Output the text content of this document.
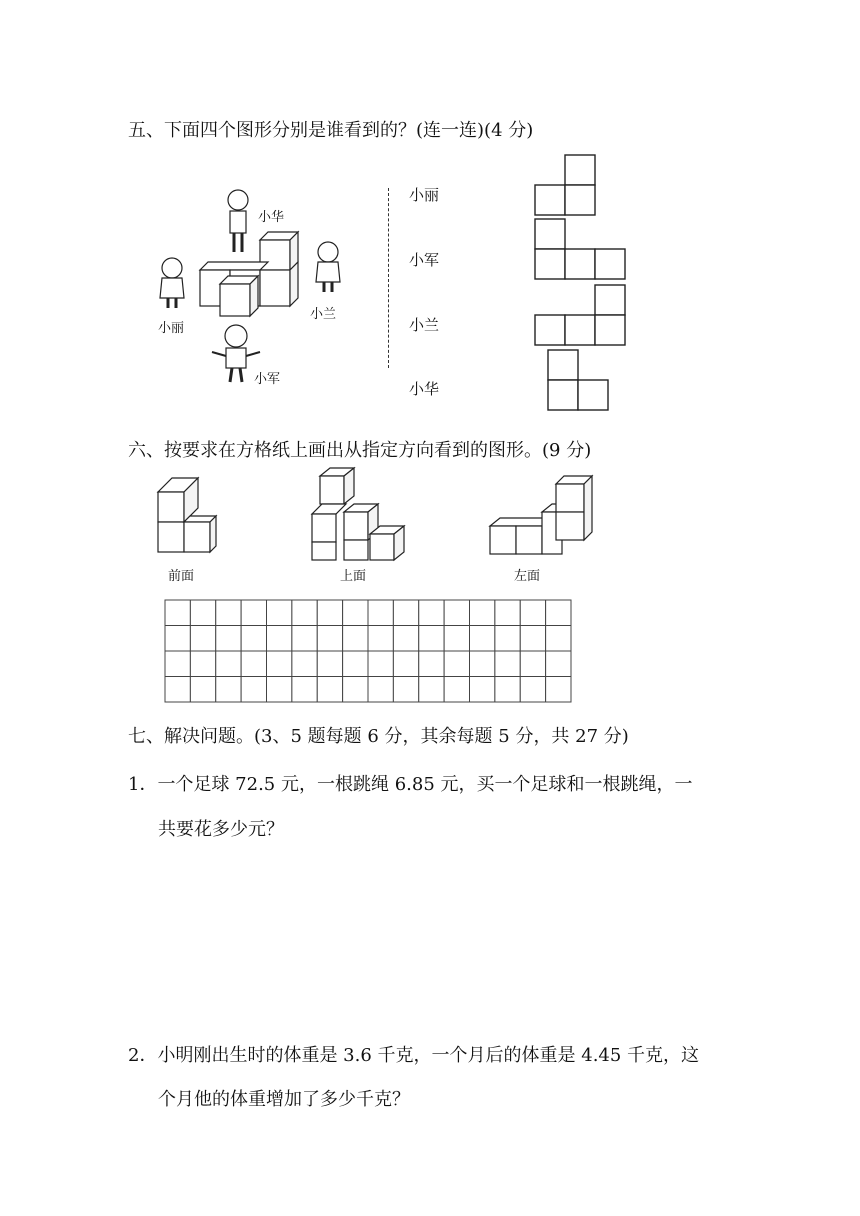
五、下面四个图形分别是谁看到的？(连一连)(4 分)
小华
小兰
小丽
小军
小丽
小军
小兰
小华
六、按要求在方格纸上画出从指定方向看到的图形。(9 分)
前面	上面	左面
七、解决问题。(3、5 题每题 6 分，其余每题 5 分，共 27 分)
1．一个足球 72.5 元，一根跳绳 6.85 元，买一个足球和一根跳绳，一
共要花多少元？
2．小明刚出生时的体重是 3.6 千克，一个月后的体重是 4.45 千克，这
个月他的体重增加了多少千克？
